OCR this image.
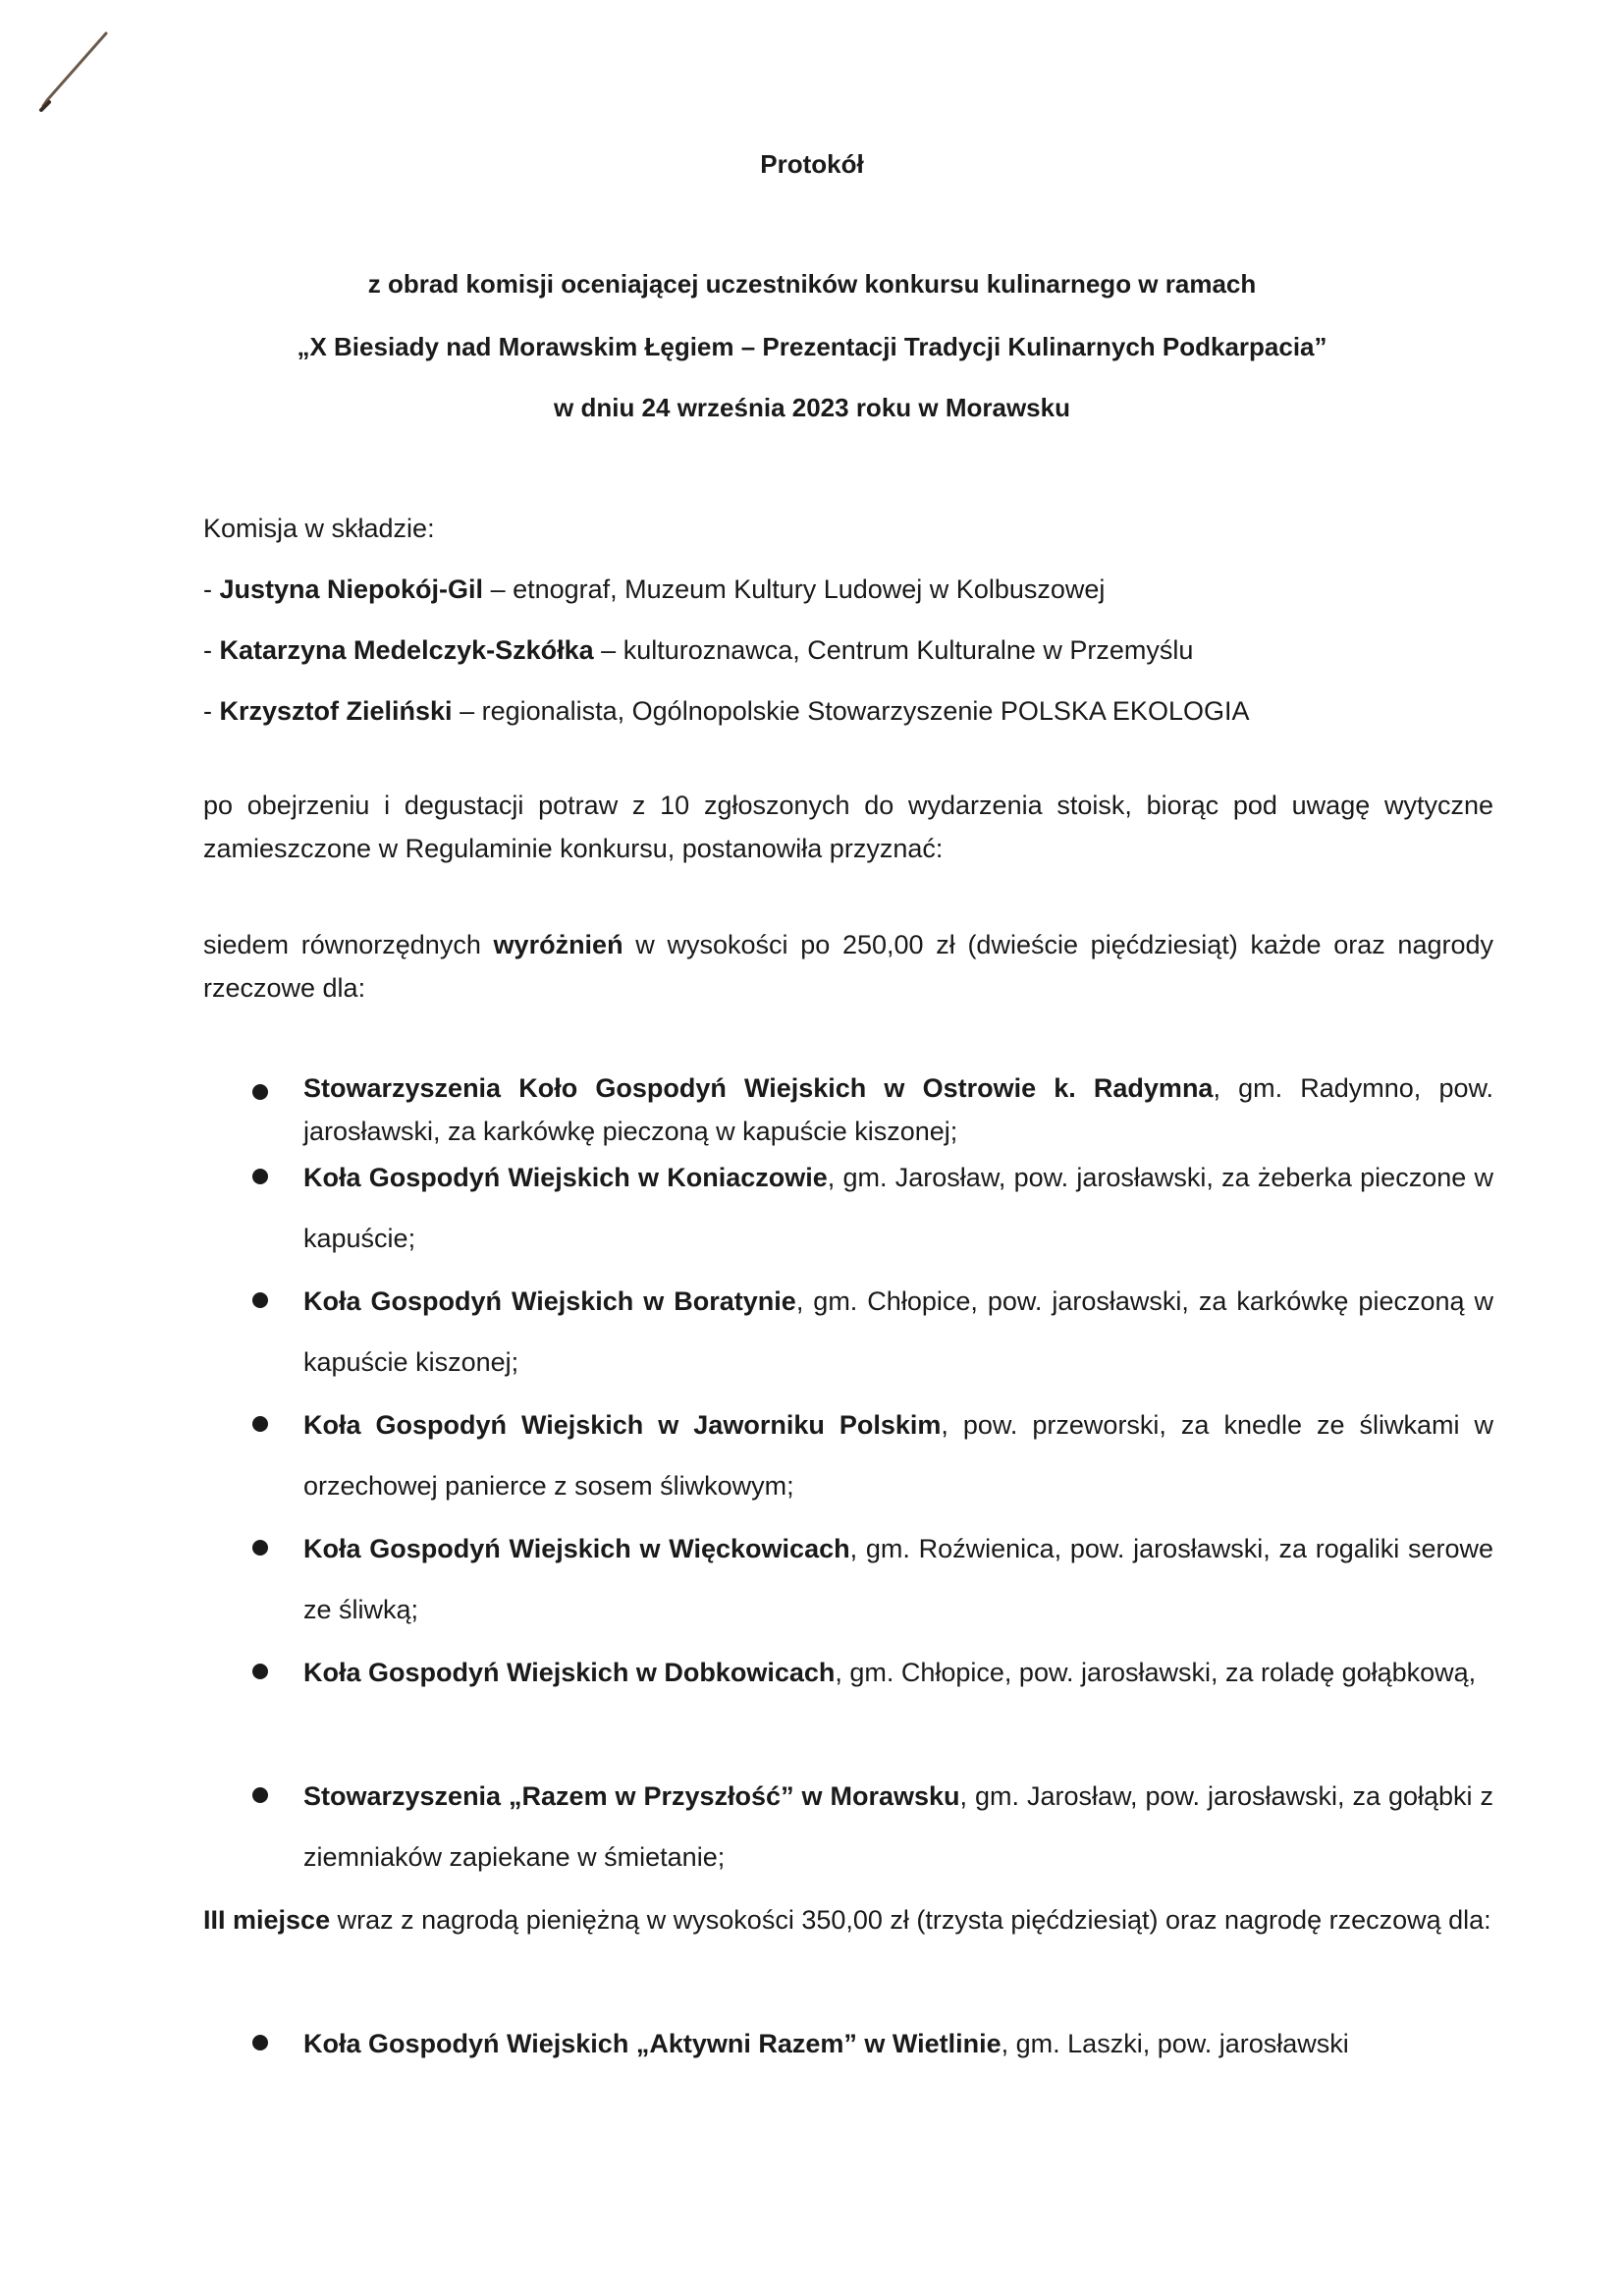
Protokół
z obrad komisji oceniającej uczestników konkursu kulinarnego w ramach
„X Biesiady nad Morawskim Łęgiem – Prezentacji Tradycji Kulinarnych Podkarpacia”
w dniu 24 września 2023 roku w Morawsku
Komisja w składzie:
- Justyna Niepokój-Gil – etnograf, Muzeum Kultury Ludowej w Kolbuszowej
- Katarzyna Medelczyk-Szkółka – kulturoznawca, Centrum Kulturalne w Przemyślu
- Krzysztof Zieliński – regionalista, Ogólnopolskie Stowarzyszenie POLSKA EKOLOGIA
po obejrzeniu i degustacji potraw z 10 zgłoszonych do wydarzenia stoisk, biorąc pod uwagę wytyczne zamieszczone w Regulaminie konkursu, postanowiła przyznać:
siedem równorzędnych wyróżnień w wysokości po 250,00 zł (dwieście pięćdziesiąt) każde oraz nagrody rzeczowe dla:
Stowarzyszenia Koło Gospodyń Wiejskich w Ostrowie k. Radymna, gm. Radymno, pow. jarosławski, za karkówkę pieczoną w kapuście kiszonej;
Koła Gospodyń Wiejskich w Koniaczowie, gm. Jarosław, pow. jarosławski, za żeberka pieczone w kapuście;
Koła Gospodyń Wiejskich w Boratynie, gm. Chłopice, pow. jarosławski, za karkówkę pieczoną w kapuście kiszonej;
Koła Gospodyń Wiejskich w Jaworniku Polskim, pow. przeworski, za knedle ze śliwkami w orzechowej panierce z sosem śliwkowym;
Koła Gospodyń Wiejskich w Więckowicach, gm. Roźwienica, pow. jarosławski, za rogaliki serowe ze śliwką;
Koła Gospodyń Wiejskich w Dobkowicach, gm. Chłopice, pow. jarosławski, za roladę gołąbkową,
Stowarzyszenia „Razem w Przyszłość” w Morawsku, gm. Jarosław, pow. jarosławski, za gołąbki z ziemniaków zapiekane w śmietanie;
III miejsce wraz z nagrodą pieniężną w wysokości 350,00 zł (trzysta pięćdziesiąt) oraz nagrodę rzeczową dla:
Koła Gospodyń Wiejskich „Aktywni Razem” w Wietlinie, gm. Laszki, pow. jarosławski
